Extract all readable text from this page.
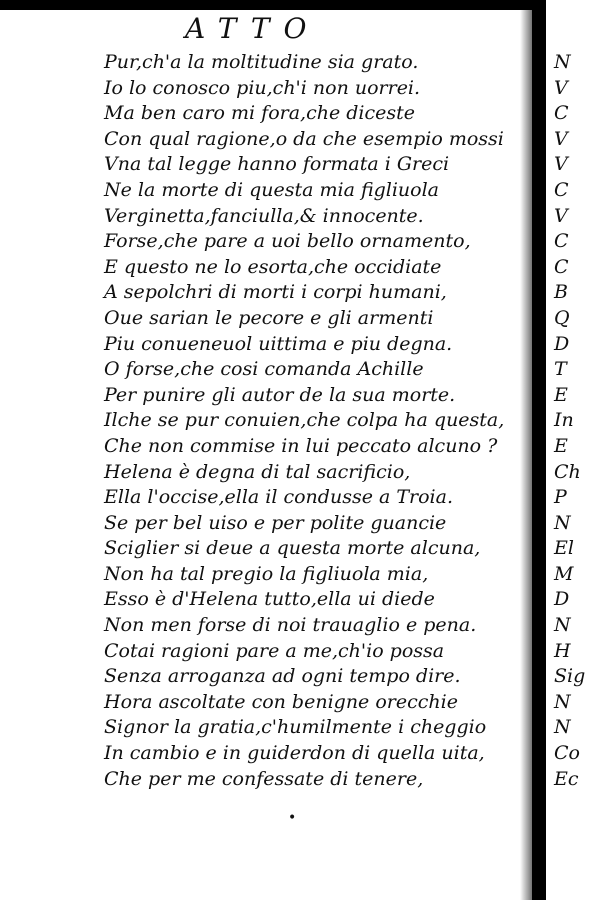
ATTO
Pur,ch'a la moltitudine sia grato.
Io lo conosco piu,ch'i non uorrei.
Ma ben caro mi fora,che diceste
Con qual ragione,o da che esempio mossi
Vna tal legge hanno formata i Greci
Ne la morte di questa mia figliuola
Verginetta,fanciulla,& innocente.
Forse,che pare a uoi bello ornamento,
E questo ne lo esorta,che occidiate
A sepolchri di morti i corpi humani,
Oue sarian le pecore e gli armenti
Piu conueneuol uittima e piu degna.
O forse,che cosi comanda Achille
Per punire gli autor de la sua morte.
Ilche se pur conuien,che colpa ha questa,
Che non commise in lui peccato alcuno ?
Helena è degna di tal sacrificio,
Ella l'occise,ella il condusse a Troia.
Se per bel uiso e per polite guancie
Sciglier si deue a questa morte alcuna,
Non ha tal pregio la figliuola mia,
Esso è d'Helena tutto,ella ui diede
Non men forse di noi trauaglio e pena.
Cotai ragioni pare a me,ch'io possa
Senza arroganza ad ogni tempo dire.
Hora ascoltate con benigne orecchie
Signor la gratia,c'humilmente i cheggio
In cambio e in guiderdon di quella uita,
Che per me confessate di tenere,
•
N
V
C
V
V
C
V
C
C
B
Q
D
T
E
In
E
Ch
P
N
El
M
D
N
H
Sig
N
N
Co
Ec
